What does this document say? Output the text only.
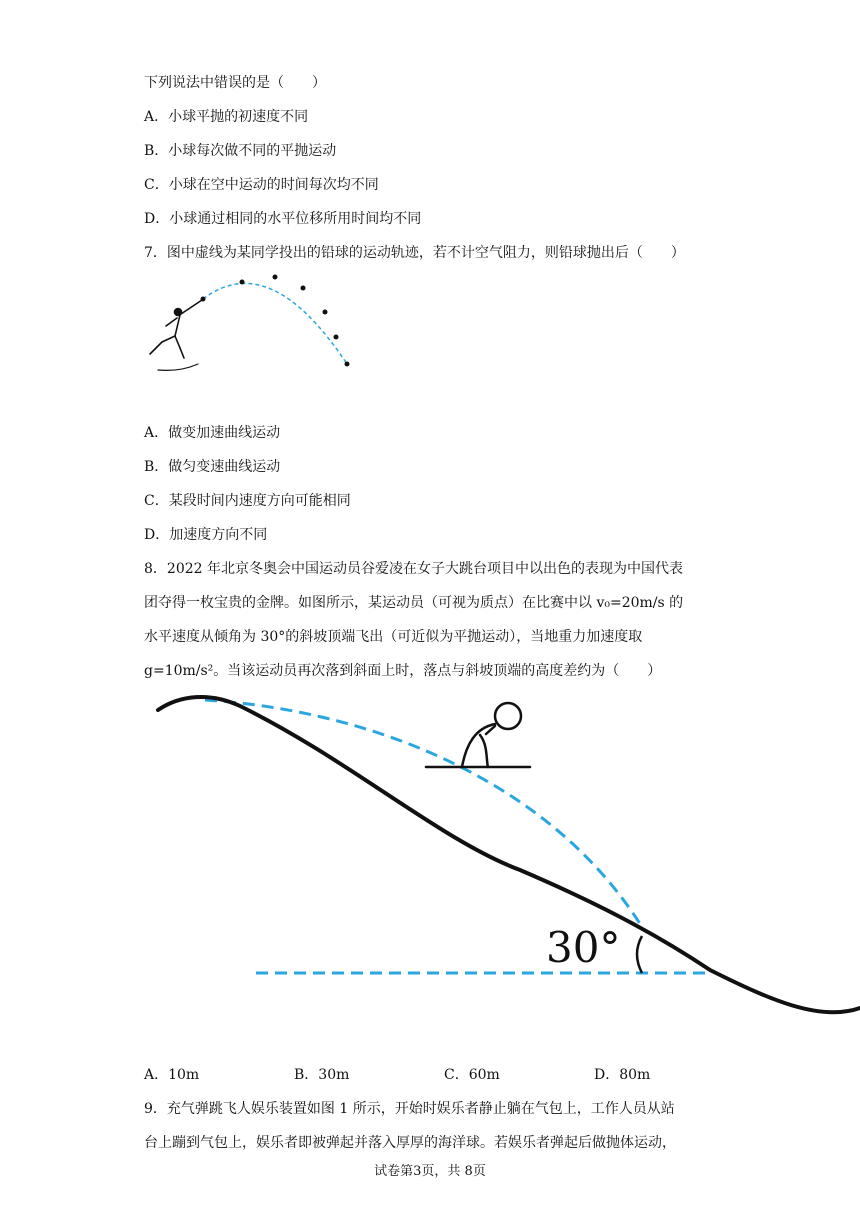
下列说法中错误的是（　　）
A．小球平抛的初速度不同
B．小球每次做不同的平抛运动
C．小球在空中运动的时间每次均不同
D．小球通过相同的水平位移所用时间均不同
7．图中虚线为某同学投出的铅球的运动轨迹，若不计空气阻力，则铅球抛出后（　　）
A．做变加速曲线运动
B．做匀变速曲线运动
C．某段时间内速度方向可能相同
D．加速度方向不同
8．2022 年北京冬奥会中国运动员谷爱凌在女子大跳台项目中以出色的表现为中国代表
团夺得一枚宝贵的金牌。如图所示，某运动员（可视为质点）在比赛中以 v₀=20m/s 的
水平速度从倾角为 30°的斜坡顶端飞出（可近似为平抛运动），当地重力加速度取
g=10m/s²。当该运动员再次落到斜面上时，落点与斜坡顶端的高度差约为（　　）
30°
A．10m	B．30m	C．60m	D．80m
9．充气弹跳飞人娱乐装置如图 1 所示，开始时娱乐者静止躺在气包上，工作人员从站
台上蹦到气包上，娱乐者即被弹起并落入厚厚的海洋球。若娱乐者弹起后做抛体运动，
试卷第3页，共 8页
